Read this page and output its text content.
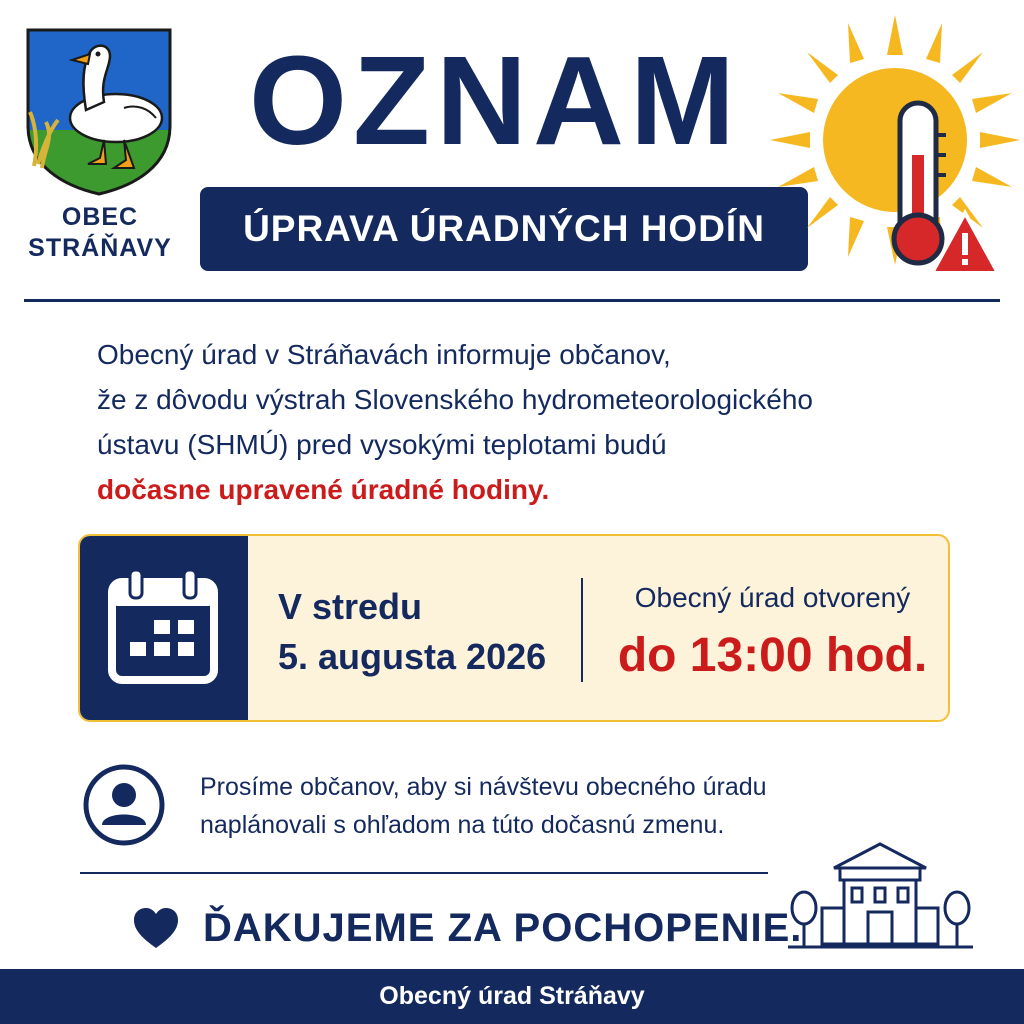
OBEC
STRÁŇAVY
OZNAM
ÚPRAVA ÚRADNÝCH HODÍN
Obecný úrad v Stráňavách informuje občanov,
že z dôvodu výstrah Slovenského hydrometeorologického
ústavu (SHMÚ) pred vysokými teplotami budú
dočasne upravené úradné hodiny.
V stredu
5. augusta 2026
Obecný úrad otvorený
do 13:00 hod.
Prosíme občanov, aby si návštevu obecného úradu
naplánovali s ohľadom na túto dočasnú zmenu.
ĎAKUJEME ZA POCHOPENIE.
Obecný úrad Stráňavy
